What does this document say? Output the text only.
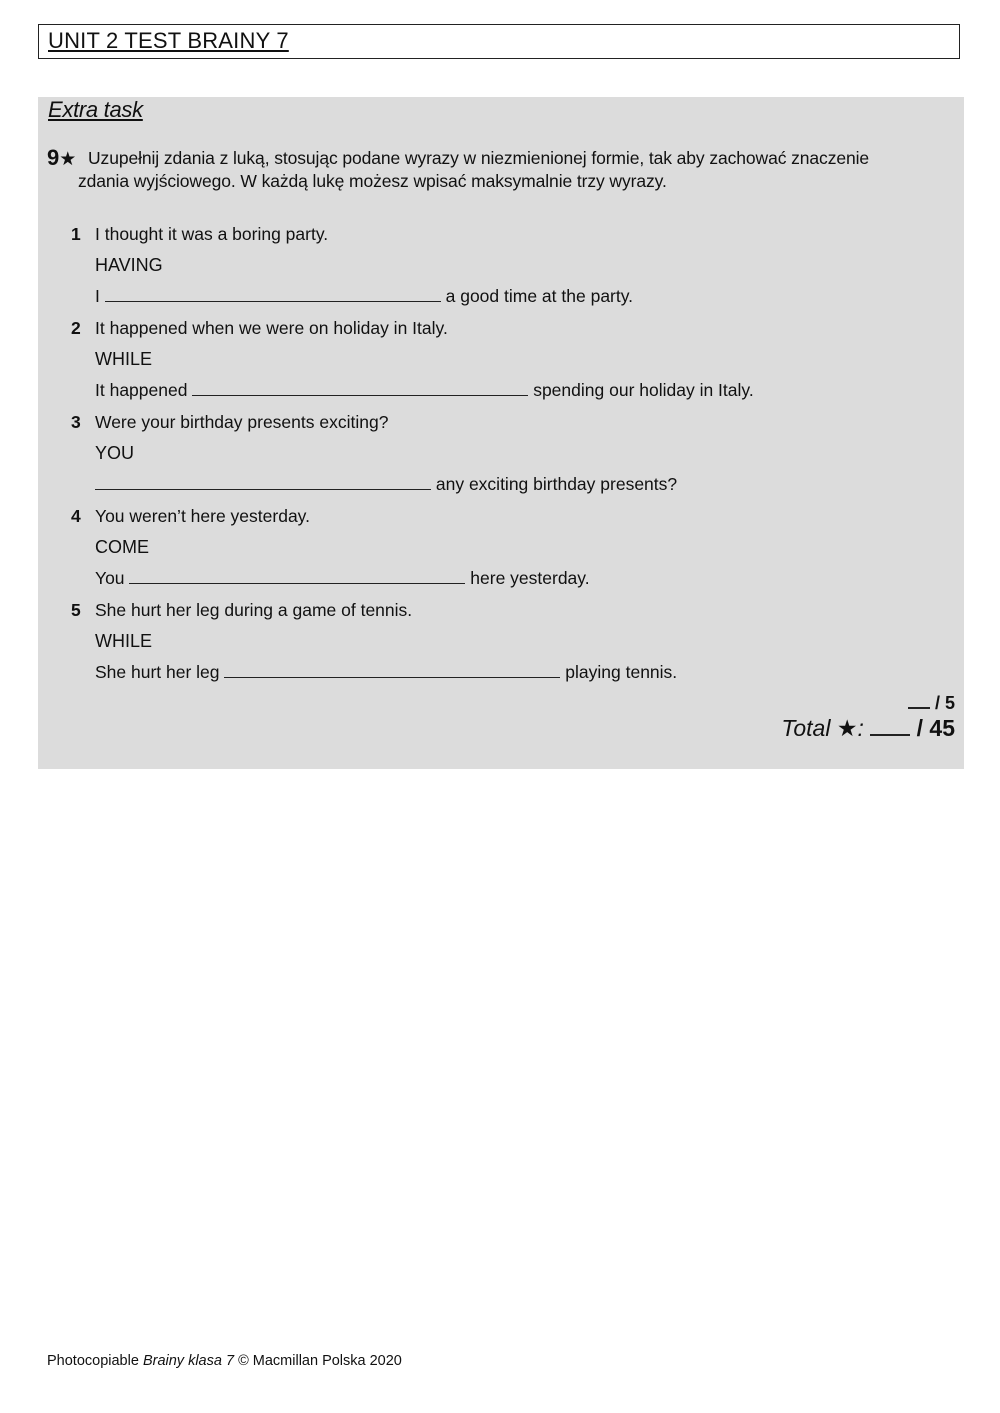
UNIT 2 TEST BRAINY 7
Extra task
9★ Uzupełnij zdania z luką, stosując podane wyrazy w niezmienionej formie, tak aby zachować znaczenie
zdania wyjściowego. W każdą lukę możesz wpisać maksymalnie trzy wyrazy.
1 I thought it was a boring party.
HAVING
I	a good time at the party.
2 It happened when we were on holiday in Italy.
WHILE
It happened	spending our holiday in Italy.
3 Were your birthday presents exciting?
YOU
any exciting birthday presents?
4 You weren’t here yesterday.
COME
You	here yesterday.
5 She hurt her leg during a game of tennis.
WHILE
She hurt her leg	playing tennis.
/ 5
Total ★: / 45
Photocopiable Brainy klasa 7 © Macmillan Polska 2020
